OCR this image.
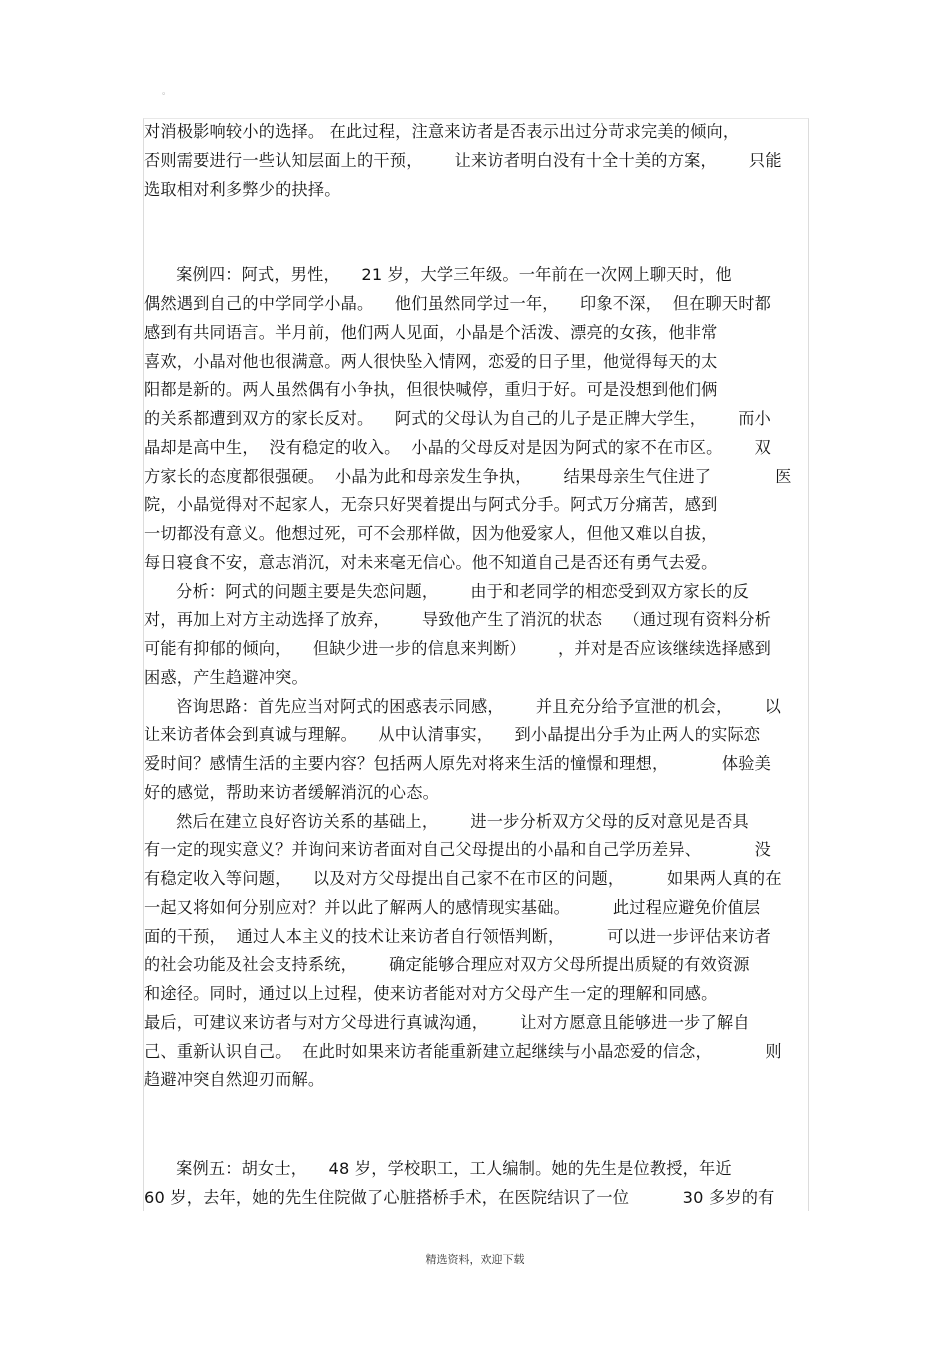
。

对消极影响较小的选择。 在此过程，注意来访者是否表示出过分苛求完美的倾向，

否则需要进行一些认知层面上的干预，      让来访者明白没有十全十美的方案，      只能

选取相对利多弊少的抉择。

案例四：阿式，男性，    21 岁，大学三年级。一年前在一次网上聊天时，他

偶然遇到自己的中学同学小晶。    他们虽然同学过一年，    印象不深，  但在聊天时都

感到有共同语言。半月前，他们两人见面，小晶是个活泼、漂亮的女孩，他非常

喜欢，小晶对他也很满意。两人很快坠入情网，恋爱的日子里，他觉得每天的太

阳都是新的。两人虽然偶有小争执，但很快喊停，重归于好。可是没想到他们俩

的关系都遭到双方的家长反对。    阿式的父母认为自己的儿子是正牌大学生，      而小

晶却是高中生，  没有稳定的收入。  小晶的父母反对是因为阿式的家不在市区。      双

方家长的态度都很强硬。  小晶为此和母亲发生争执，      结果母亲生气住进了            医

院，小晶觉得对不起家人，无奈只好哭着提出与阿式分手。阿式万分痛苦，感到

一切都没有意义。他想过死，可不会那样做，因为他爱家人，但他又难以自拔，

每日寝食不安，意志消沉，对未来毫无信心。他不知道自己是否还有勇气去爱。

分析：阿式的问题主要是失恋问题，      由于和老同学的相恋受到双方家长的反

对，再加上对方主动选择了放弃，      导致他产生了消沉的状态    （通过现有资料分析

可能有抑郁的倾向，    但缺少进一步的信息来判断）      ，并对是否应该继续选择感到

困惑，产生趋避冲突。

咨询思路：首先应当对阿式的困惑表示同感，      并且充分给予宣泄的机会，      以

让来访者体会到真诚与理解。    从中认清事实，    到小晶提出分手为止两人的实际恋

爱时间？感情生活的主要内容？包括两人原先对将来生活的憧憬和理想，          体验美

好的感觉，帮助来访者缓解消沉的心态。

然后在建立良好咨访关系的基础上，      进一步分析双方父母的反对意见是否具

有一定的现实意义？并询问来访者面对自己父母提出的小晶和自己学历差异、          没

有稳定收入等问题，    以及对方父母提出自己家不在市区的问题，        如果两人真的在

一起又将如何分别应对？并以此了解两人的感情现实基础。        此过程应避免价值层

面的干预，  通过人本主义的技术让来访者自行领悟判断，        可以进一步评估来访者

的社会功能及社会支持系统，      确定能够合理应对双方父母所提出质疑的有效资源

和途径。同时，通过以上过程，使来访者能对对方父母产生一定的理解和同感。

最后，可建议来访者与对方父母进行真诚沟通，      让对方愿意且能够进一步了解自

己、重新认识自己。  在此时如果来访者能重新建立起继续与小晶恋爱的信念，          则

趋避冲突自然迎刃而解。

案例五：胡女士，    48 岁，学校职工，工人编制。她的先生是位教授，年近

60 岁，去年，她的先生住院做了心脏搭桥手术，在医院结识了一位          30 多岁的有

精选资料，欢迎下载
